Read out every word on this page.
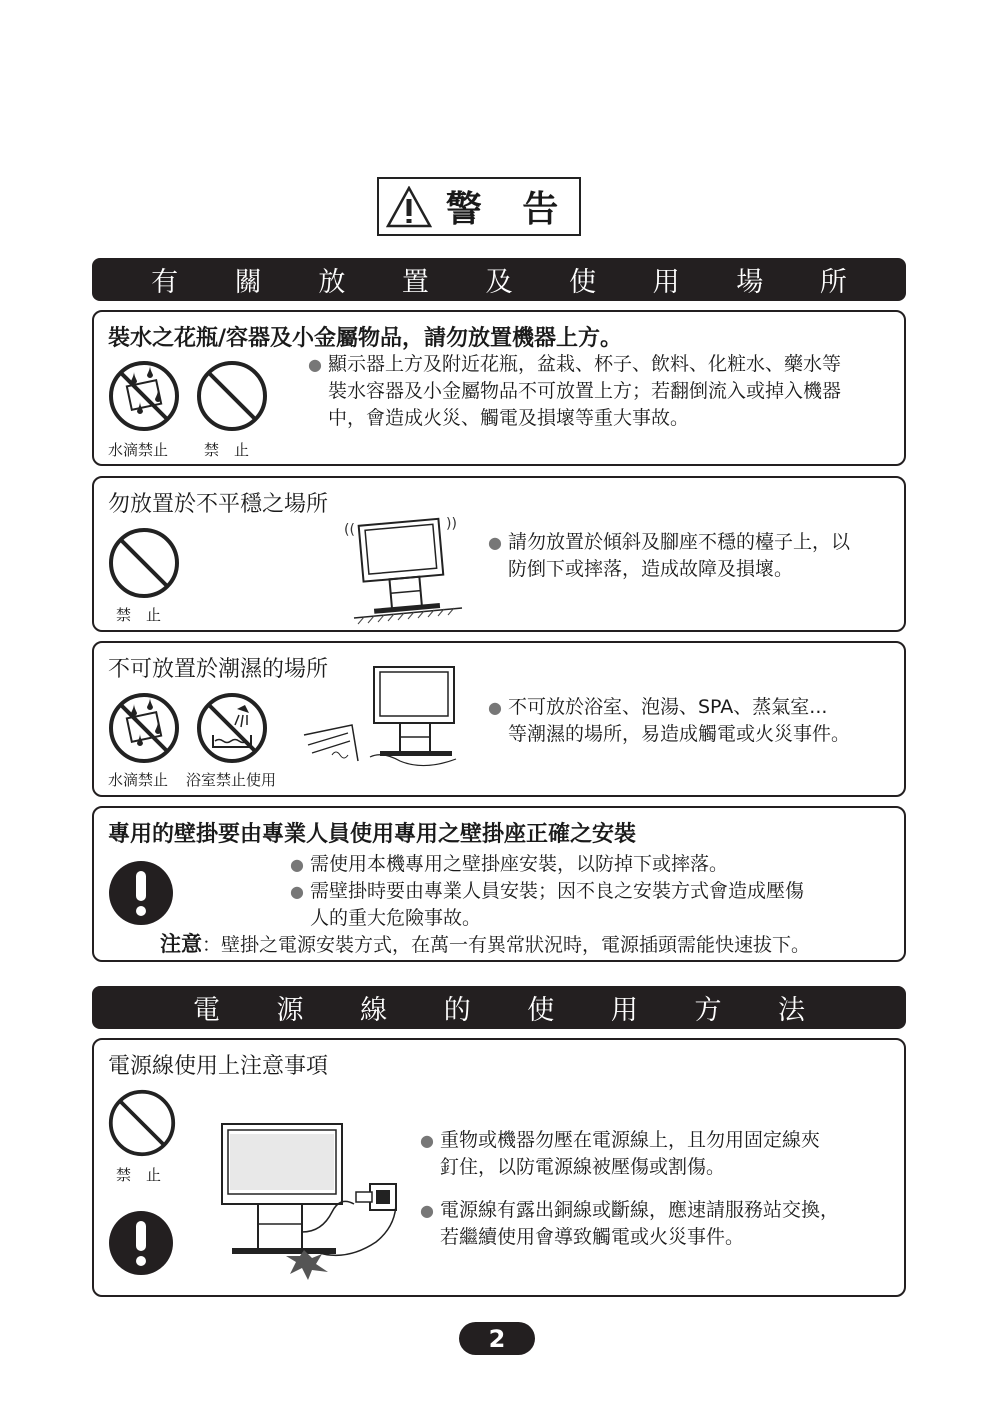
警 告
有 關 放 置 及 使 用 場 所
裝水之花瓶/容器及小金屬物品，請勿放置機器上方。
水滴禁止 禁　止
● 顯示器上方及附近花瓶，盆栽、杯子、飲料、化粧水、藥水等
裝水容器及小金屬物品不可放置上方；若翻倒流入或掉入機器
中，會造成火災、觸電及損壞等重大事故。
勿放置於不平穩之場所
禁　止
((	))
● 請勿放置於傾斜及腳座不穩的檯子上，以
防倒下或摔落，造成故障及損壞。
不可放置於潮濕的場所
水滴禁止 浴室禁止使用
● 不可放於浴室、泡湯、SPA、蒸氣室...
等潮濕的場所，易造成觸電或火災事件。
專用的壁掛要由專業人員使用專用之壁掛座正確之安裝
● 需使用本機專用之壁掛座安裝，以防掉下或摔落。
● 需壁掛時要由專業人員安裝；因不良之安裝方式會造成壓傷
人的重大危險事故。
注意：壁掛之電源安裝方式，在萬一有異常狀況時，電源插頭需能快速拔下。
電 源 線 的 使 用 方 法
電源線使用上注意事項
禁　止
● 重物或機器勿壓在電源線上，且勿用固定線夾
釘住，以防電源線被壓傷或割傷。
● 電源線有露出銅線或斷線，應速請服務站交換，
若繼續使用會導致觸電或火災事件。
2
